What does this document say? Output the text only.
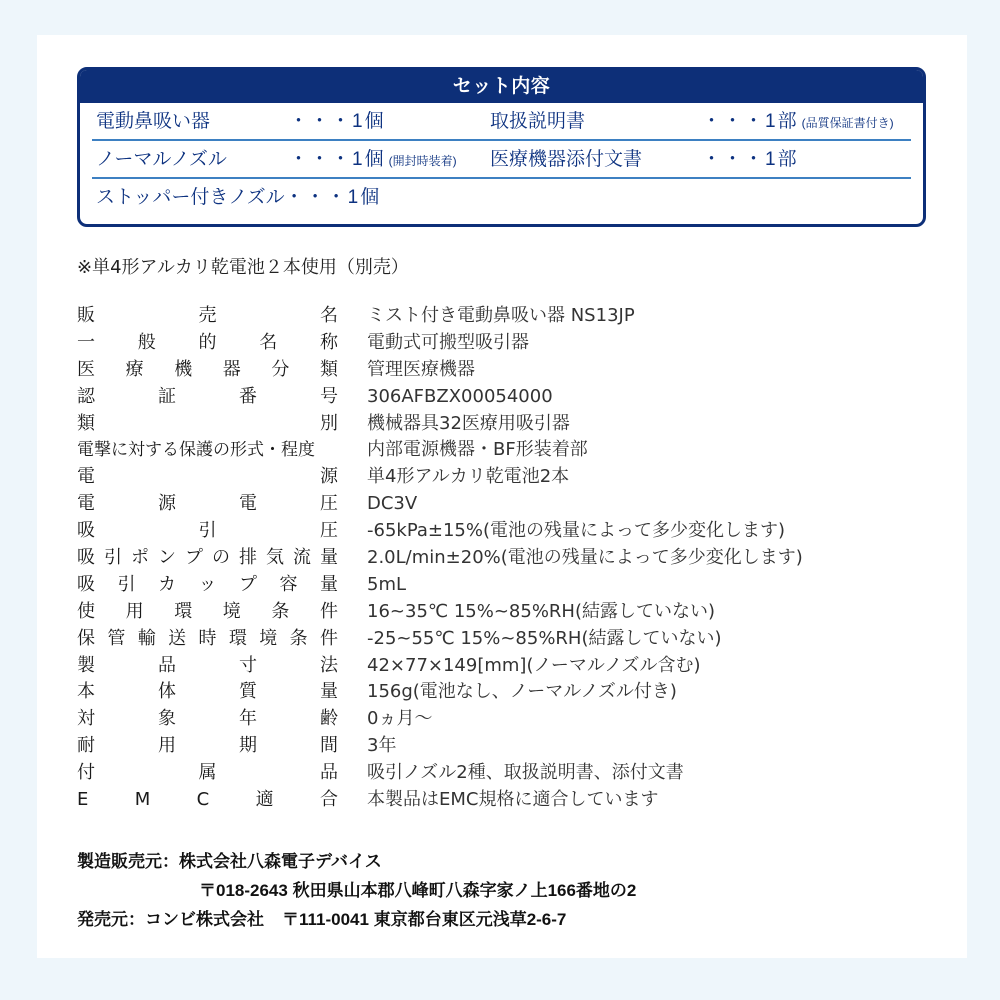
セット内容
電動鼻吸い器	・・・1個	取扱説明書	・・・1部 (品質保証書付き)
ノーマルノズル	・・・1個 (開封時装着) 医療機器添付文書	・・・1部
ストッパー付きノズル・・・1個
※単4形アルカリ乾電池２本使用（別売）
販	売	名 ミスト付き電動鼻吸い器 NS13JP
一 般 的 名 称 電動式可搬型吸引器
医 療 機 器 分 類 管理医療機器
認	証	番	号 306AFBZX00054000
類	別 機械器具32医療用吸引器
電撃に対する保護の形式・程度	内部電源機器・BF形装着部
電	源 単4形アルカリ乾電池2本
電	源	電	圧 DC3V
吸	引	圧 -65kPa±15%(電池の残量によって多少変化します)
吸 引 ポ ン プ の 排 気 流 量 2.0L/min±20%(電池の残量によって多少変化します)
吸 引 カ ッ プ 容 量 5mL
使 用 環 境 条 件 16~35℃ 15%~85%RH(結露していない)
保 管 輸 送 時 環 境 条 件 -25~55℃ 15%~85%RH(結露していない)
製	品	寸	法 42×77×149[mm](ノーマルノズル含む)
本	体	質	量 156g(電池なし、ノーマルノズル付き)
対	象	年	齢 0ヵ月～
耐	用	期	間 3年
付	属	品 吸引ノズル2種、取扱説明書、添付文書
E	M	C	適	合 本製品はEMC規格に適合しています
製造販売元：株式会社八森電子デバイス
〒018-2643 秋田県山本郡八峰町八森字家ノ上166番地の2
発売元：コンビ株式会社 〒111-0041 東京都台東区元浅草2-6-7
